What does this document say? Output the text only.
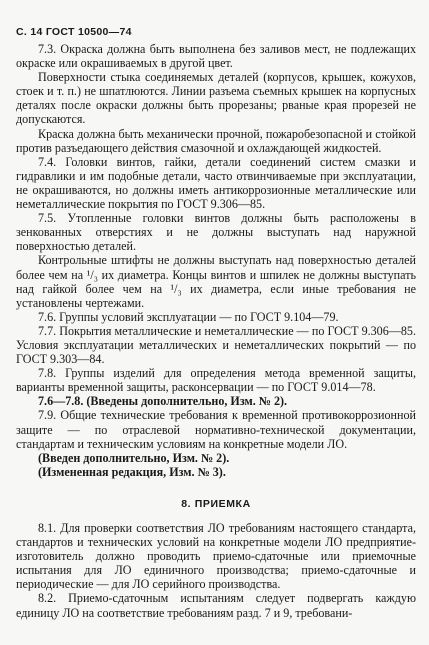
С. 14 ГОСТ 10500—74

7.3. Окраска должна быть выполнена без заливов мест, не подлежащих окраске или окрашиваемых в другой цвет.

Поверхности стыка соединяемых деталей (корпусов, крышек, кожухов, стоек и т. п.) не шпатлюются. Линии разъема съемных крышек на корпусных деталях после окраски должны быть прорезаны; рваные края прорезей не допускаются.

Краска должна быть механически прочной, пожаробезопасной и стойкой против разъедающего действия смазочной и охлаждающей жидкостей.

7.4. Головки винтов, гайки, детали соединений систем смазки и гидравлики и им подобные детали, часто отвинчиваемые при эксплуатации, не окрашиваются, но должны иметь антикоррозионные металлические или неметаллические покрытия по ГОСТ 9.306—85.

7.5. Утопленные головки винтов должны быть расположены в зенкованных отверстиях и не должны выступать над наружной поверхностью деталей.

Контрольные штифты не должны выступать над поверхностью деталей более чем на ¹/₃ их диаметра. Концы винтов и шпилек не должны выступать над гайкой более чем на ¹/₃ их диаметра, если иные требования не установлены чертежами.

7.6. Группы условий эксплуатации — по ГОСТ 9.104—79.

7.7. Покрытия металлические и неметаллические — по ГОСТ 9.306—85. Условия эксплуатации металлических и неметаллических покрытий — по ГОСТ 9.303—84.

7.8. Группы изделий для определения метода временной защиты, варианты временной защиты, расконсервации — по ГОСТ 9.014—78.

7.6—7.8. (Введены дополнительно, Изм. № 2).

7.9. Общие технические требования к временной противокоррозионной защите — по отраслевой нормативно-технической документации, стандартам и техническим условиям на конкретные модели ЛО.

(Введен дополнительно, Изм. № 2).

(Измененная редакция, Изм. № 3).

8. ПРИЕМКА

8.1. Для проверки соответствия ЛО требованиям настоящего стандарта, стандартов и технических условий на конкретные модели ЛО предприятие-изготовитель должно проводить приемо-сдаточные или приемочные испытания для ЛО единичного производства; приемо-сдаточные и периодические — для ЛО серийного производства.

8.2. Приемо-сдаточным испытаниям следует подвергать каждую единицу ЛО на соответствие требованиям разд. 7 и 9, требовани-
